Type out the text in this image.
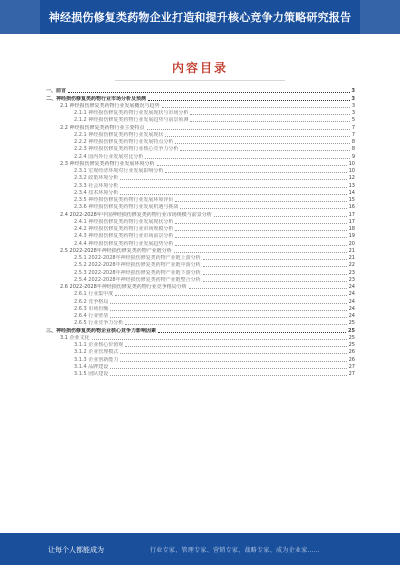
神经损伤修复类药物企业打造和提升核心竞争力策略研究报告
内容目录
一、前言	3
二、神经损伤修复类药物行业市场分析及预测	3
2.1 神经损伤修复类药物行业发展概况与趋势	3
2.1.1 神经损伤修复类药物行业发展现状与市场分析	3
2.1.2 神经损伤修复类药物行业发展趋势与前景预测	5
2.2 神经损伤修复类药物行业主要特点	7
2.2.1 神经损伤修复类药物行业发展现状	7
2.2.2 神经损伤修复类药物行业发展特点分析	8
2.2.3 神经损伤修复类药物行业核心竞争力分析	8
2.2.4 国内外行业发展对比分析	9
2.3 神经损伤修复类药物行业发展环境分析	10
2.3.1 宏观经济环境对行业发展影响分析	10
2.3.2 政策环境分析	12
2.3.3 社会环境分析	13
2.3.4 技术环境分析	14
2.3.5 神经损伤修复类药物行业发展环境评价	15
2.3.6 神经损伤修复类药物行业发展机遇与挑战	16
2.4 2022-2028年中国神经损伤修复类药物行业市场规模与前景分析	17
2.4.1 神经损伤修复类药物行业发展现状分析	17
2.4.2 神经损伤修复类药物行业市场规模分析	18
2.4.3 神经损伤修复类药物行业市场前景分析	19
2.4.4 神经损伤修复类药物行业发展趋势分析	20
2.5 2022-2028年神经损伤修复类药物产业链分析	21
2.5.1 2022-2028年神经损伤修复类药物产业链上游分析	21
2.5.2 2022-2028年神经损伤修复类药物产业链中游分析	22
2.5.3 2022-2028年神经损伤修复类药物产业链下游分析	23
2.5.4 2022-2028年神经损伤修复类药物产业链整合分析	23
2.6 2022-2028年神经损伤修复类药物行业竞争格局分析	24
2.6.1 行业集中度	24
2.6.2 竞争格局	24
2.6.3 市场份额	24
2.6.4 行业壁垒	24
2.6.5 行业竞争力分析	25
三、神经损伤修复类药物企业核心竞争力影响因素	25
3.1 企业文化	25
3.1.1 企业核心价值观	25
3.1.2 企业管理模式	26
3.1.3 企业创新能力	26
3.1.4 品牌建设	27
3.1.5 团队建设	27
让每个人都能成为	行业专家、管理专家、营销专家、战略专家、成为企业家……
